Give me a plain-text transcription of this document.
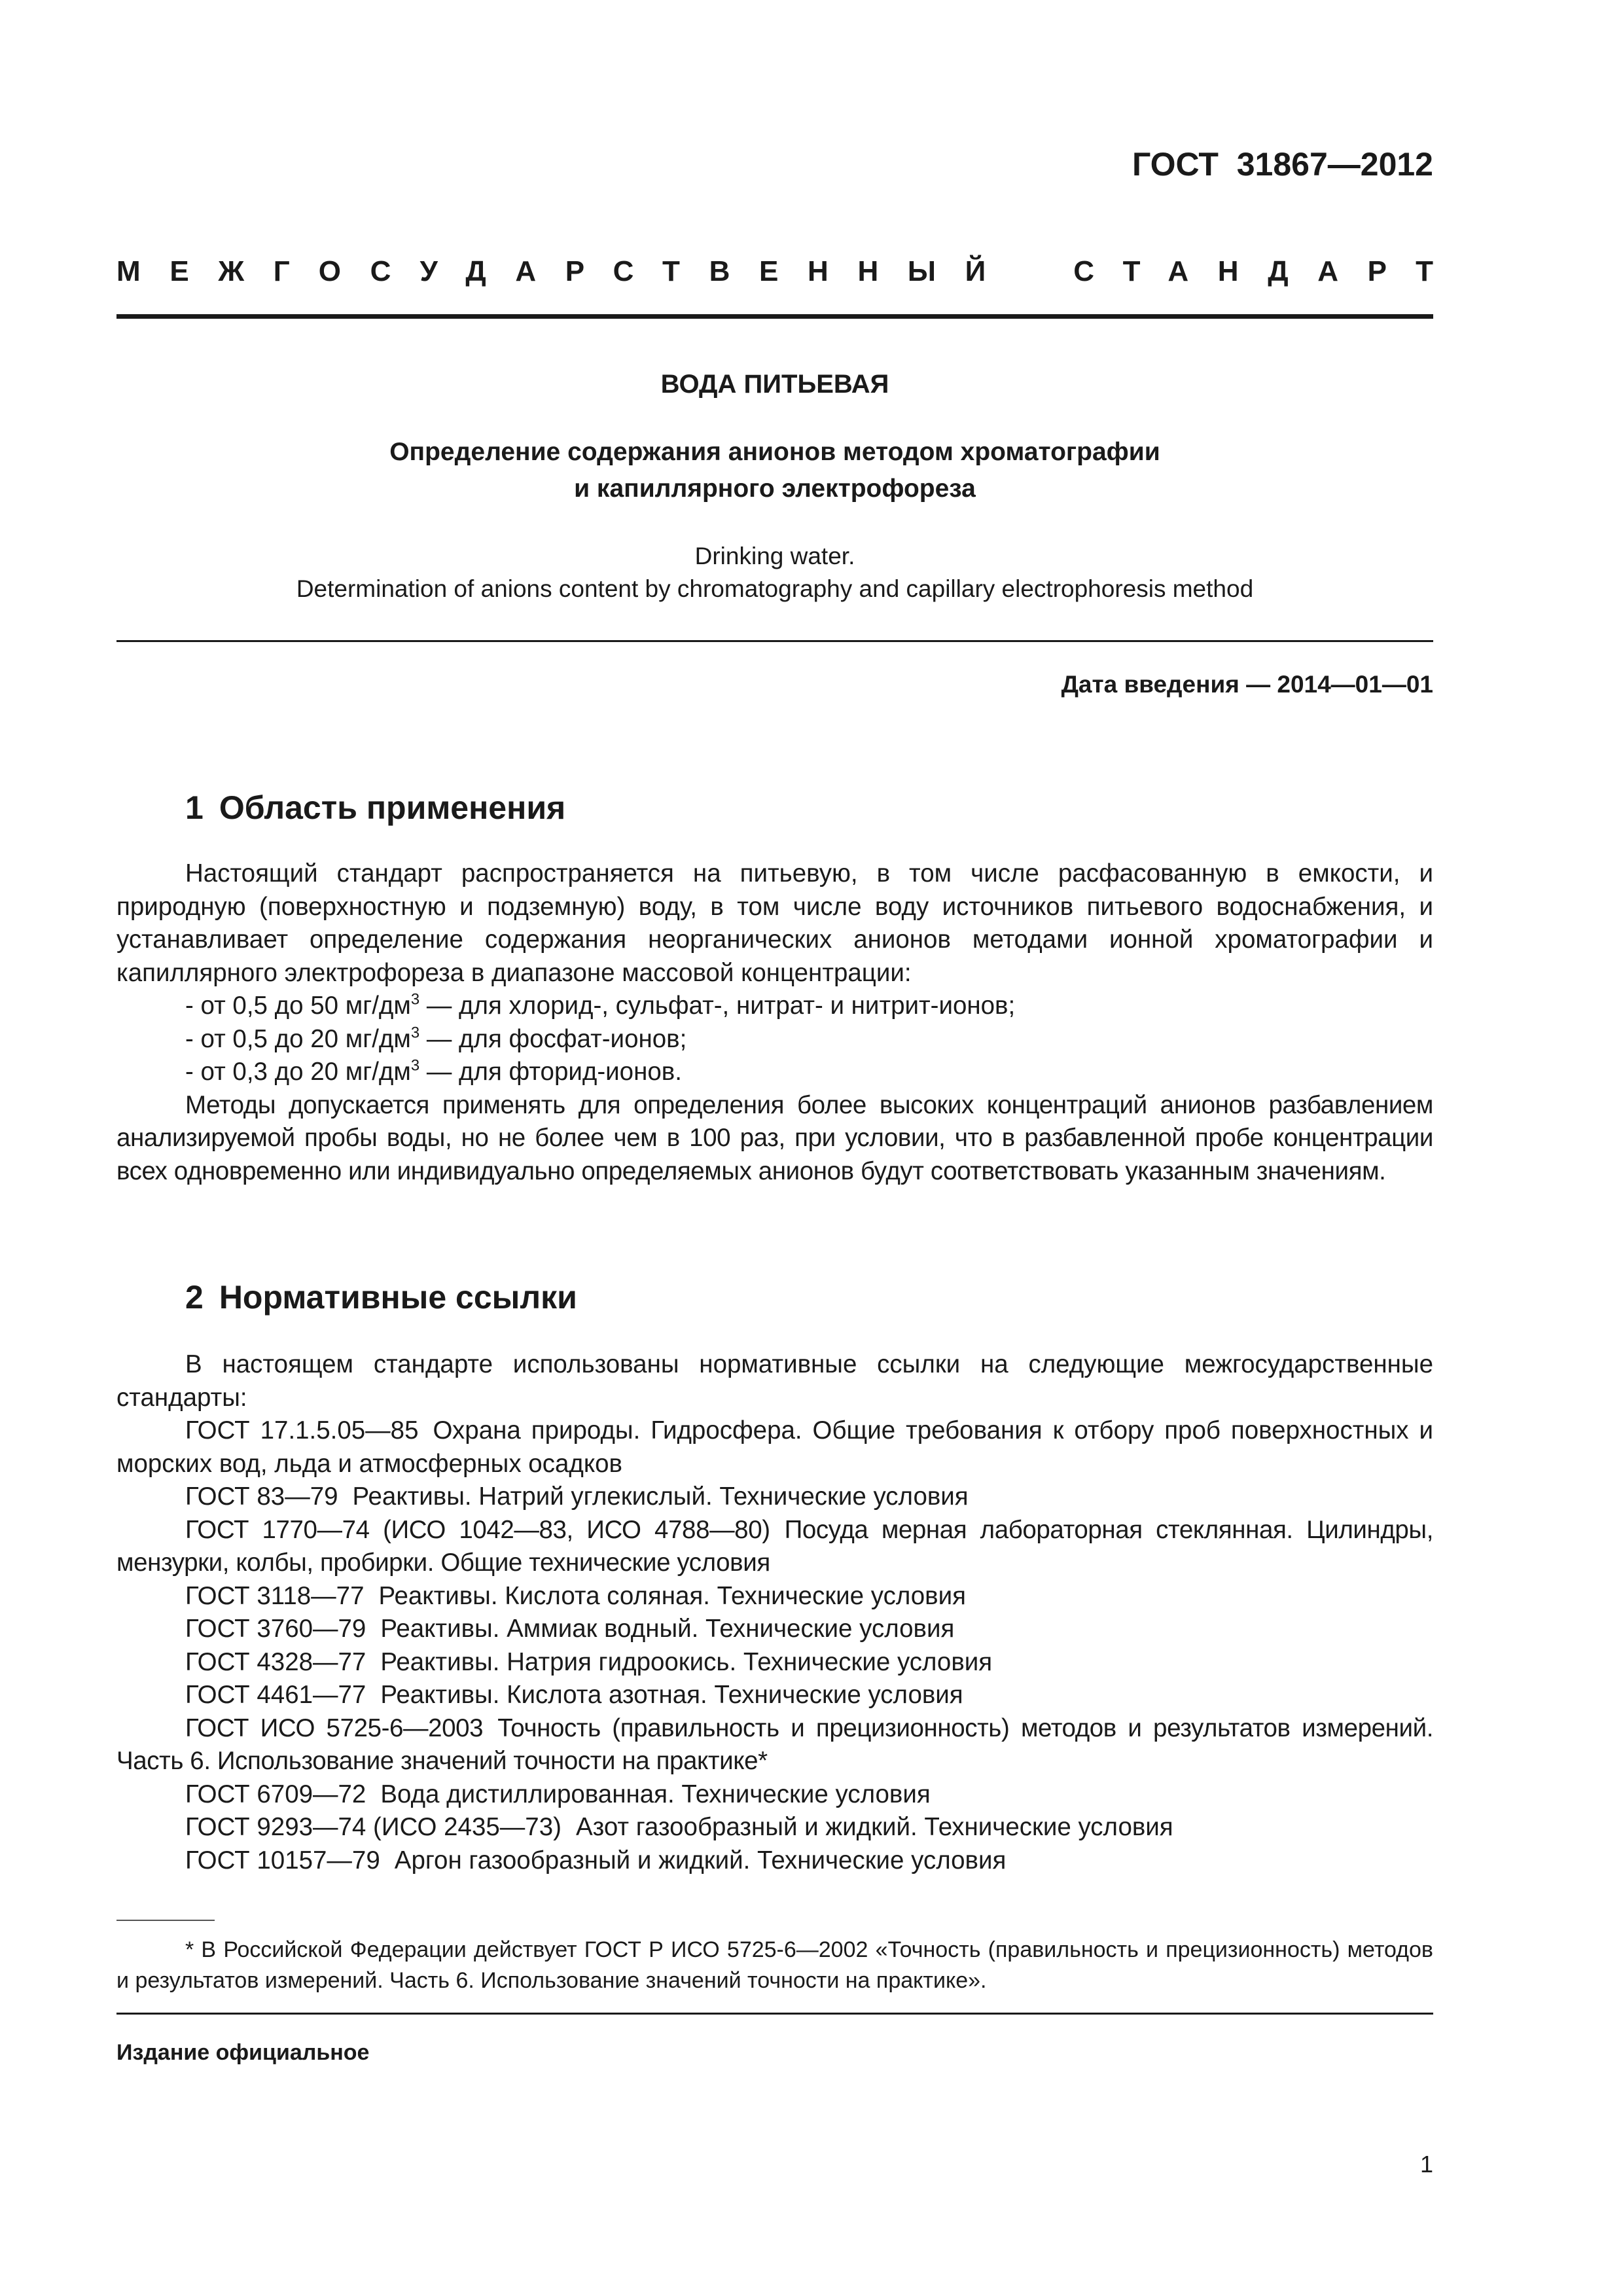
ГОСТ  31867—2012
МЕЖГОСУДАРСТВЕННЫЙ СТАНДАРТ
ВОДА ПИТЬЕВАЯ
Определение содержания анионов методом хроматографии
и капиллярного электрофореза
Drinking water.
Determination of anions content by chromatography and capillary electrophoresis method
Дата введения — 2014—01—01
1 Область применения

Настоящий стандарт распространяется на питьевую, в том числе расфасованную в емкости, и природную (поверхностную и подземную) воду, в том числе воду источников питьевого водоснабжения, и устанавливает определение содержания неорганических анионов методами ионной хроматографии и капиллярного электрофореза в диапазоне массовой концентрации:

- от 0,5 до 50 $мг/дм^3$ — для хлорид-, сульфат-, нитрат- и нитрит-ионов;

- от 0,5 до 20 $мг/дм^3$ — для фосфат-ионов;

- от 0,3 до 20 $мг/дм^3$ — для фторид-ионов.

Методы допускается применять для определения более высоких концентраций анионов разбавлением анализируемой пробы воды, но не более чем в 100 раз, при условии, что в разбавленной пробе концентрации всех одновременно или индивидуально определяемых анионов будут соответствовать указанным значениям.

2 Нормативные ссылки

В настоящем стандарте использованы нормативные ссылки на следующие межгосударственные стандарты:

ГОСТ 17.1.5.05—85 Охрана природы. Гидросфера. Общие требования к отбору проб поверхностных и морских вод, льда и атмосферных осадков

ГОСТ 83—79 Реактивы. Натрий углекислый. Технические условия

ГОСТ 1770—74 (ИСО 1042—83, ИСО 4788—80) Посуда мерная лабораторная стеклянная. Цилиндры, мензурки, колбы, пробирки. Общие технические условия

ГОСТ 3118—77 Реактивы. Кислота соляная. Технические условия

ГОСТ 3760—79 Реактивы. Аммиак водный. Технические условия

ГОСТ 4328—77 Реактивы. Натрия гидроокись. Технические условия

ГОСТ 4461—77 Реактивы. Кислота азотная. Технические условия

ГОСТ ИСО 5725-6—2003 Точность (правильность и прецизионность) методов и результатов измерений. Часть 6. Использование значений точности на практике*

ГОСТ 6709—72 Вода дистиллированная. Технические условия

ГОСТ 9293—74 (ИСО 2435—73) Азот газообразный и жидкий. Технические условия

ГОСТ 10157—79 Аргон газообразный и жидкий. Технические условия

* В Российской Федерации действует ГОСТ Р ИСО 5725-6—2002 «Точность (правильность и прецизионность) методов и результатов измерений. Часть 6. Использование значений точности на практике».

Издание официальное
1
